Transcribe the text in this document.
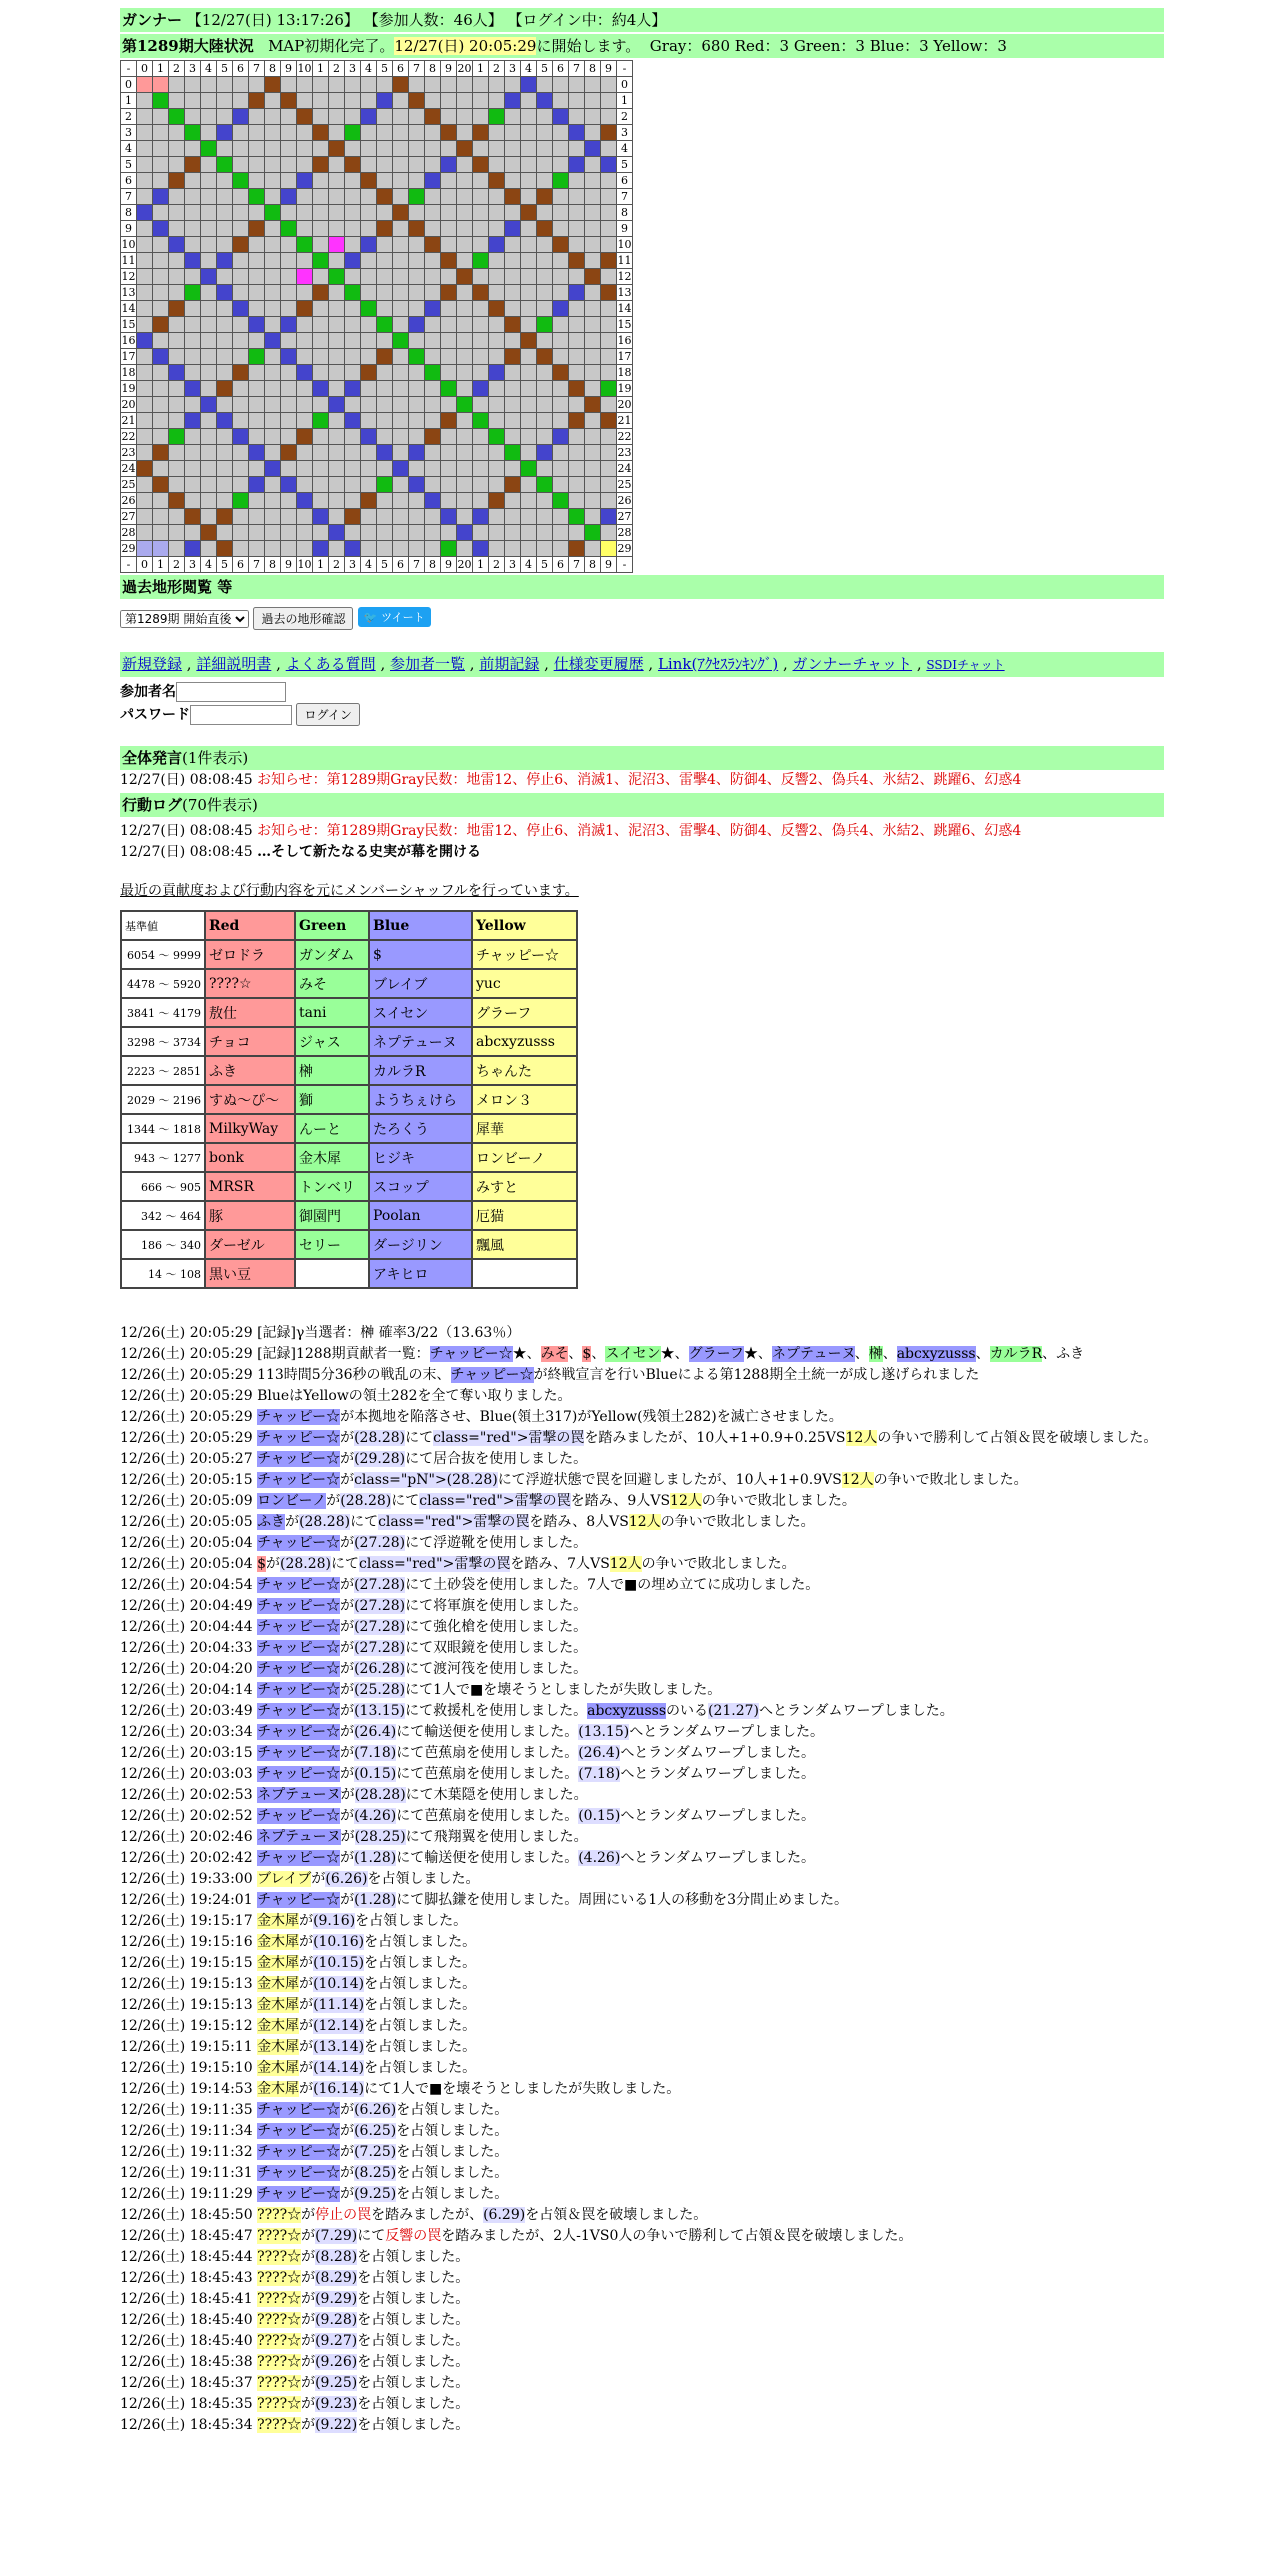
ガンナー 【12/27(日) 13:17:26】 【参加人数：46人】 【ログイン中：約4人】
第1289期大陸状況 MAP初期化完了。12/27(日) 20:05:29に開始します。 Gray：680 Red：3 Green：3 Blue：3 Yellow：3
-	0	1	2	3	4	5	6	7	8	9	10	1	2	3	4	5	6	7	8	9	20	1	2	3	4	5	6	7	8	9	-
0																															0
1																															1
2																															2
3																															3
4																															4
5																															5
6																															6
7																															7
8																															8
9																															9
10																															10
11																															11
12																															12
13																															13
14																															14
15																															15
16																															16
17																															17
18																															18
19																															19
20																															20
21																															21
22																															22
23																															23
24																															24
25																															25
26																															26
27																															27
28																															28
29																															29
-	0	1	2	3	4	5	6	7	8	9	10	1	2	3	4	5	6	7	8	9	20	1	2	3	4	5	6	7	8	9	-
過去地形閲覧 等
第1289期 開始直後 過去の地形確認 🐦 ツイート
新規登録 , 詳細説明書 , よくある質問 , 参加者一覧 , 前期記録 , 仕様変更履歴 , Link(ｱｸｾｽﾗﾝｷﾝｸﾞ) , ガンナーチャット , SSDIチャット
参加者名
パスワード	ログイン
全体発言(1件表示)
12/27(日) 08:08:45 お知らせ：第1289期Gray民数：地雷12、停止6、消滅1、泥沼3、雷擊4、防御4、反響2、偽兵4、氷結2、跳躍6、幻惑4
行動ログ(70件表示)
12/27(日) 08:08:45 お知らせ：第1289期Gray民数：地雷12、停止6、消滅1、泥沼3、雷擊4、防御4、反響2、偽兵4、氷結2、跳躍6、幻惑4
12/27(日) 08:08:45 …そして新たなる史実が幕を開ける
最近の貢献度および行動内容を元にメンバーシャッフルを行っています。
基準値	Red	Green	Blue	Yellow
6054 ～ 9999	ゼロドラ	ガンダム	$	チャッピー☆
4478 ～ 5920	????☆	みそ	ブレイブ	yuc
3841 ～ 4179	敖仕	tani	スイセン	グラーフ
3298 ～ 3734	チョコ	ジャス	ネプテューヌ	abcxyzusss
2223 ～ 2851	ふき	榊	カルラR	ちゃんた
2029 ～ 2196	すぬ～ぴ～	獅	ようちぇけら	メロン３
1344 ～ 1818	MilkyWay	んーと	たろくう	犀華
943 ～ 1277	bonk	金木犀	ヒジキ	ロンビーノ
666 ～ 905	MRSR	トンベリ	スコップ	みすと
342 ～ 464	豚	御園門	Poolan	厄猫
186 ～ 340	ダーゼル	セリー	ダージリン	飄風
14 ～ 108	黒い豆		アキヒロ	
12/26(土) 20:05:29 [記録]γ当選者：榊 確率3/22（13.63％）
12/26(土) 20:05:29 [記録]1288期貢献者一覧：チャッピー☆★、みそ、$、スイセン★、グラーフ★、ネプテューヌ、榊、abcxyzusss、カルラR、ふき
12/26(土) 20:05:29 113時間5分36秒の戦乱の末、チャッピー☆が終戦宣言を行いBlueによる第1288期全土統一が成し遂げられました
12/26(土) 20:05:29 BlueはYellowの領土282を全て奪い取りました。
12/26(土) 20:05:29 チャッピー☆が本拠地を陥落させ、Blue(領土317)がYellow(残領土282)を滅亡させました。
12/26(土) 20:05:29 チャッピー☆が(28.28)にてclass="red">雷撃の罠を踏みましたが、10人+1+0.9+0.25VS12人の争いで勝利して占領＆罠を破壊しました。
12/26(土) 20:05:27 チャッピー☆が(29.28)にて居合抜を使用しました。
12/26(土) 20:05:15 チャッピー☆がclass="pN">(28.28)にて浮遊状態で罠を回避しましたが、10人+1+0.9VS12人の争いで敗北しました。
12/26(土) 20:05:09 ロンビーノが(28.28)にてclass="red">雷撃の罠を踏み、9人VS12人の争いで敗北しました。
12/26(土) 20:05:05 ふきが(28.28)にてclass="red">雷撃の罠を踏み、8人VS12人の争いで敗北しました。
12/26(土) 20:05:04 チャッピー☆が(27.28)にて浮遊靴を使用しました。
12/26(土) 20:05:04 $が(28.28)にてclass="red">雷撃の罠を踏み、7人VS12人の争いで敗北しました。
12/26(土) 20:04:54 チャッピー☆が(27.28)にて土砂袋を使用しました。7人で■の埋め立てに成功しました。
12/26(土) 20:04:49 チャッピー☆が(27.28)にて将軍旗を使用しました。
12/26(土) 20:04:44 チャッピー☆が(27.28)にて強化槍を使用しました。
12/26(土) 20:04:33 チャッピー☆が(27.28)にて双眼鏡を使用しました。
12/26(土) 20:04:20 チャッピー☆が(26.28)にて渡河筏を使用しました。
12/26(土) 20:04:14 チャッピー☆が(25.28)にて1人で■を壊そうとしましたが失敗しました。
12/26(土) 20:03:49 チャッピー☆が(13.15)にて救援札を使用しました。abcxyzusssのいる(21.27)へとランダムワープしました。
12/26(土) 20:03:34 チャッピー☆が(26.4)にて輸送便を使用しました。(13.15)へとランダムワープしました。
12/26(土) 20:03:15 チャッピー☆が(7.18)にて芭蕉扇を使用しました。(26.4)へとランダムワープしました。
12/26(土) 20:03:03 チャッピー☆が(0.15)にて芭蕉扇を使用しました。(7.18)へとランダムワープしました。
12/26(土) 20:02:53 ネプテューヌが(28.28)にて木葉隠を使用しました。
12/26(土) 20:02:52 チャッピー☆が(4.26)にて芭蕉扇を使用しました。(0.15)へとランダムワープしました。
12/26(土) 20:02:46 ネプテューヌが(28.25)にて飛翔翼を使用しました。
12/26(土) 20:02:42 チャッピー☆が(1.28)にて輸送便を使用しました。(4.26)へとランダムワープしました。
12/26(土) 19:33:00 ブレイブが(6.26)を占領しました。
12/26(土) 19:24:01 チャッピー☆が(1.28)にて脚払鎌を使用しました。周囲にいる1人の移動を3分間止めました。
12/26(土) 19:15:17 金木犀が(9.16)を占領しました。
12/26(土) 19:15:16 金木犀が(10.16)を占領しました。
12/26(土) 19:15:15 金木犀が(10.15)を占領しました。
12/26(土) 19:15:13 金木犀が(10.14)を占領しました。
12/26(土) 19:15:13 金木犀が(11.14)を占領しました。
12/26(土) 19:15:12 金木犀が(12.14)を占領しました。
12/26(土) 19:15:11 金木犀が(13.14)を占領しました。
12/26(土) 19:15:10 金木犀が(14.14)を占領しました。
12/26(土) 19:14:53 金木犀が(16.14)にて1人で■を壊そうとしましたが失敗しました。
12/26(土) 19:11:35 チャッピー☆が(6.26)を占領しました。
12/26(土) 19:11:34 チャッピー☆が(6.25)を占領しました。
12/26(土) 19:11:32 チャッピー☆が(7.25)を占領しました。
12/26(土) 19:11:31 チャッピー☆が(8.25)を占領しました。
12/26(土) 19:11:29 チャッピー☆が(9.25)を占領しました。
12/26(土) 18:45:50 ????☆が停止の罠を踏みましたが、(6.29)を占領＆罠を破壊しました。
12/26(土) 18:45:47 ????☆が(7.29)にて反響の罠を踏みましたが、2人-1VS0人の争いで勝利して占領＆罠を破壊しました。
12/26(土) 18:45:44 ????☆が(8.28)を占領しました。
12/26(土) 18:45:43 ????☆が(8.29)を占領しました。
12/26(土) 18:45:41 ????☆が(9.29)を占領しました。
12/26(土) 18:45:40 ????☆が(9.28)を占領しました。
12/26(土) 18:45:40 ????☆が(9.27)を占領しました。
12/26(土) 18:45:38 ????☆が(9.26)を占領しました。
12/26(土) 18:45:37 ????☆が(9.25)を占領しました。
12/26(土) 18:45:35 ????☆が(9.23)を占領しました。
12/26(土) 18:45:34 ????☆が(9.22)を占領しました。
